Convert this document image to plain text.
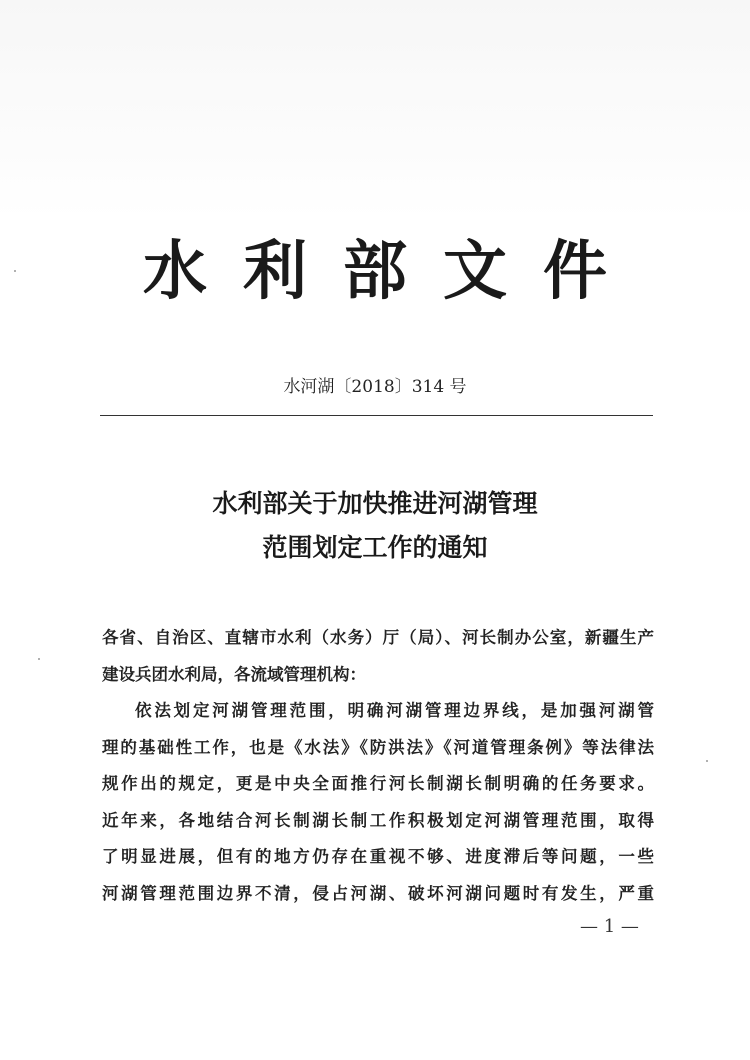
水利部文件
水河湖〔2018〕314 号
水利部关于加快推进河湖管理
范围划定工作的通知
各省、自治区、直辖市水利（水务）厅（局）、河长制办公室，新疆生产
建设兵团水利局，各流域管理机构：
依法划定河湖管理范围，明确河湖管理边界线，是加强河湖管
理的基础性工作，也是《水法》《防洪法》《河道管理条例》等法律法
规作出的规定，更是中央全面推行河长制湖长制明确的任务要求。
近年来，各地结合河长制湖长制工作积极划定河湖管理范围，取得
了明显进展，但有的地方仍存在重视不够、进度滞后等问题，一些
河湖管理范围边界不清，侵占河湖、破坏河湖问题时有发生，严重
— 1 —
